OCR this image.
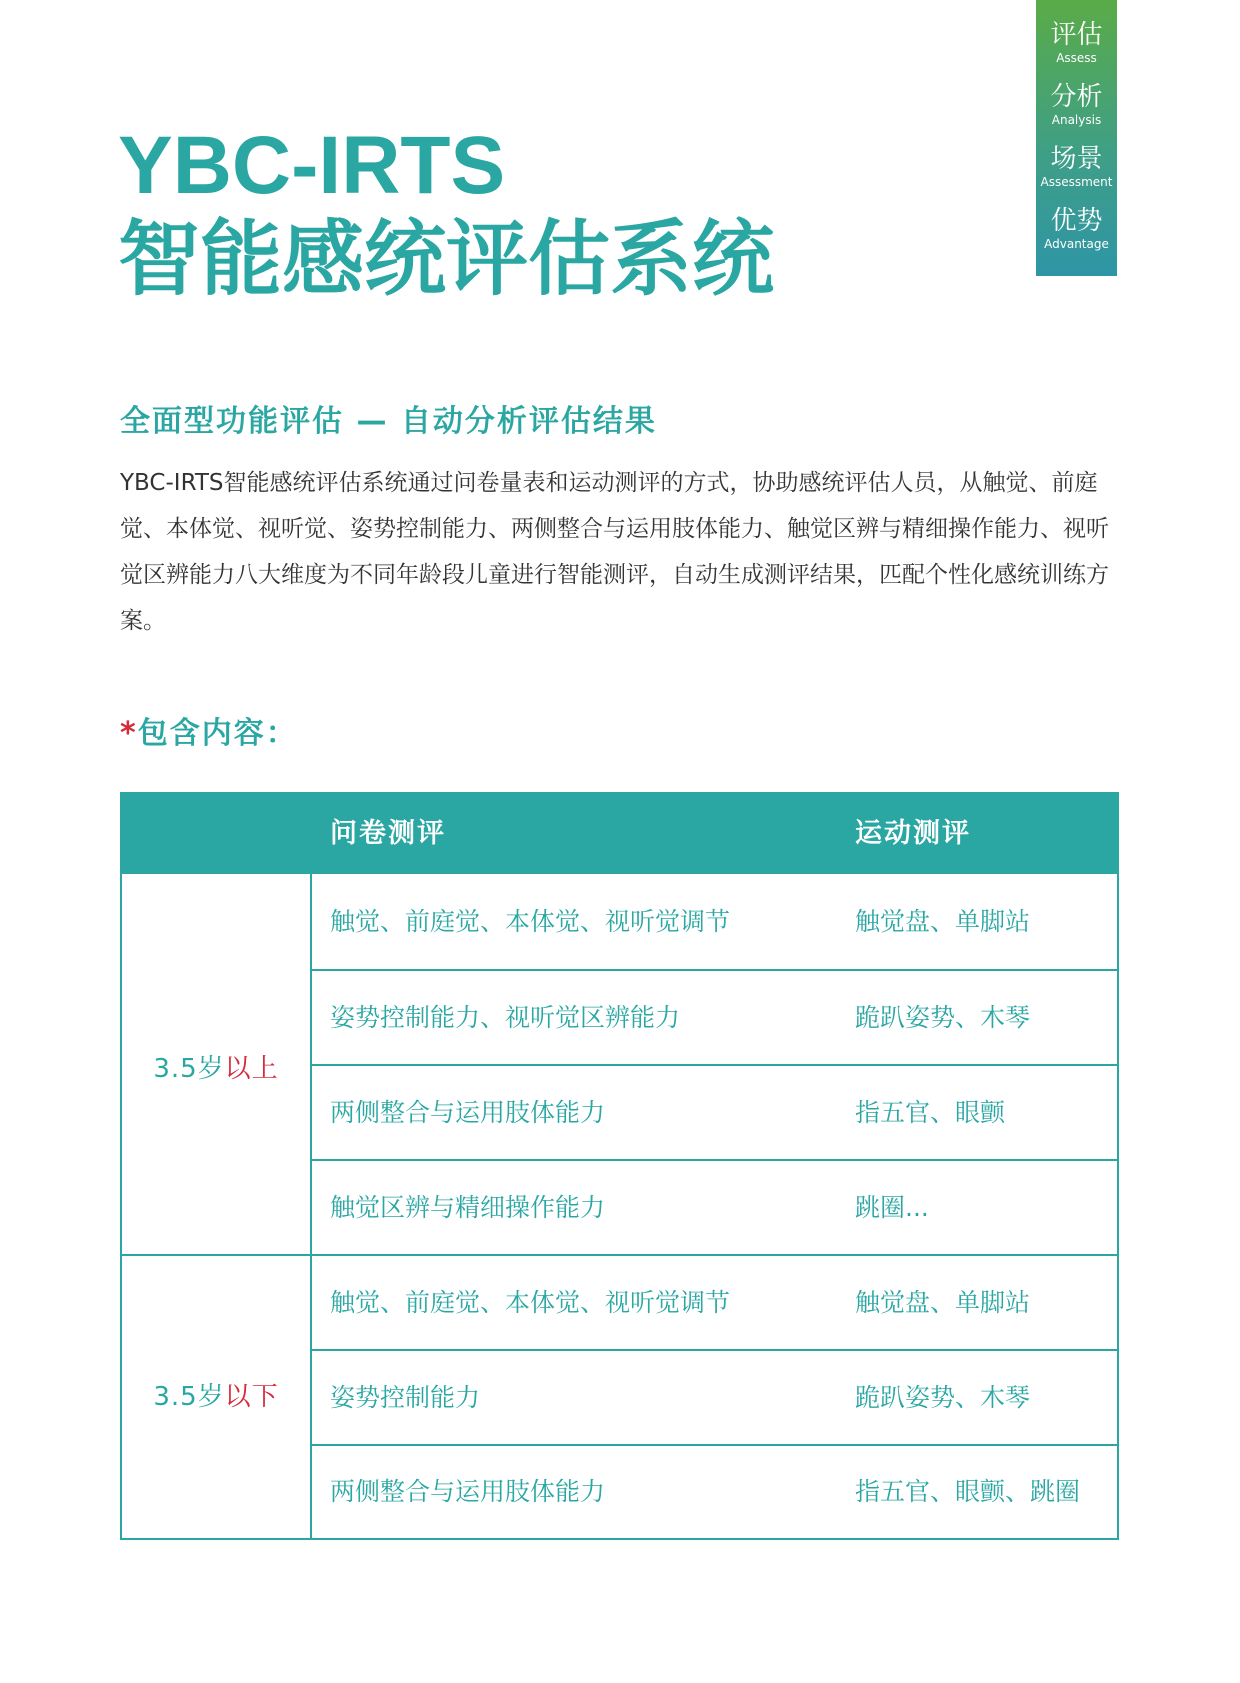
评估
Assess
分析
Analysis
场景
Assessment
优势
Advantage
YBC-IRTS
智能感统评估系统
全面型功能评估 — 自动分析评估结果

YBC-IRTS智能感统评估系统通过问卷量表和运动测评的方式，协助感统评估人员，从触觉、前庭觉、本体觉、视听觉、姿势控制能力、两侧整合与运用肢体能力、触觉区辨与精细操作能力、视听觉区辨能力八大维度为不同年龄段儿童进行智能测评，自动生成测评结果，匹配个性化感统训练方案。

*包含内容：
问卷测评	运动测评
3.5岁以上
触觉、前庭觉、本体觉、视听觉调节	触觉盘、单脚站
姿势控制能力、视听觉区辨能力	跪趴姿势、木琴
两侧整合与运用肢体能力	指五官、眼颤
触觉区辨与精细操作能力	跳圈...
3.5岁以下
触觉、前庭觉、本体觉、视听觉调节	触觉盘、单脚站
姿势控制能力	跪趴姿势、木琴
两侧整合与运用肢体能力	指五官、眼颤、跳圈
